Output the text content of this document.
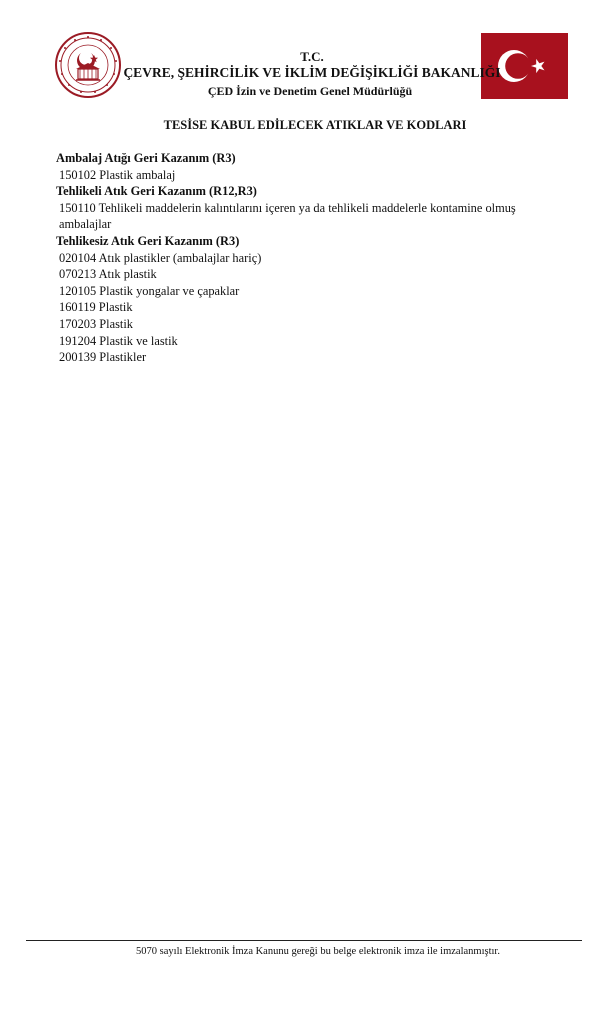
T.C.
ÇEVRE, ŞEHİRCİLİK VE İKLİM DEĞİŞİKLİĞİ BAKANLIĞI
ÇED İzin ve Denetim Genel Müdürlüğü
TESİSE KABUL EDİLECEK ATIKLAR VE KODLARI
Ambalaj Atığı Geri Kazanım (R3)
150102 Plastik ambalaj
Tehlikeli Atık Geri Kazanım (R12,R3)
150110 Tehlikeli maddelerin kalıntılarını içeren ya da tehlikeli maddelerle kontamine olmuş ambalajlar
Tehlikesiz Atık Geri Kazanım (R3)
020104 Atık plastikler (ambalajlar hariç)
070213 Atık plastik
120105 Plastik yongalar ve çapaklar
160119 Plastik
170203 Plastik
191204 Plastik ve lastik
200139 Plastikler
5070 sayılı Elektronik İmza Kanunu gereği bu belge elektronik imza ile imzalanmıştır.
